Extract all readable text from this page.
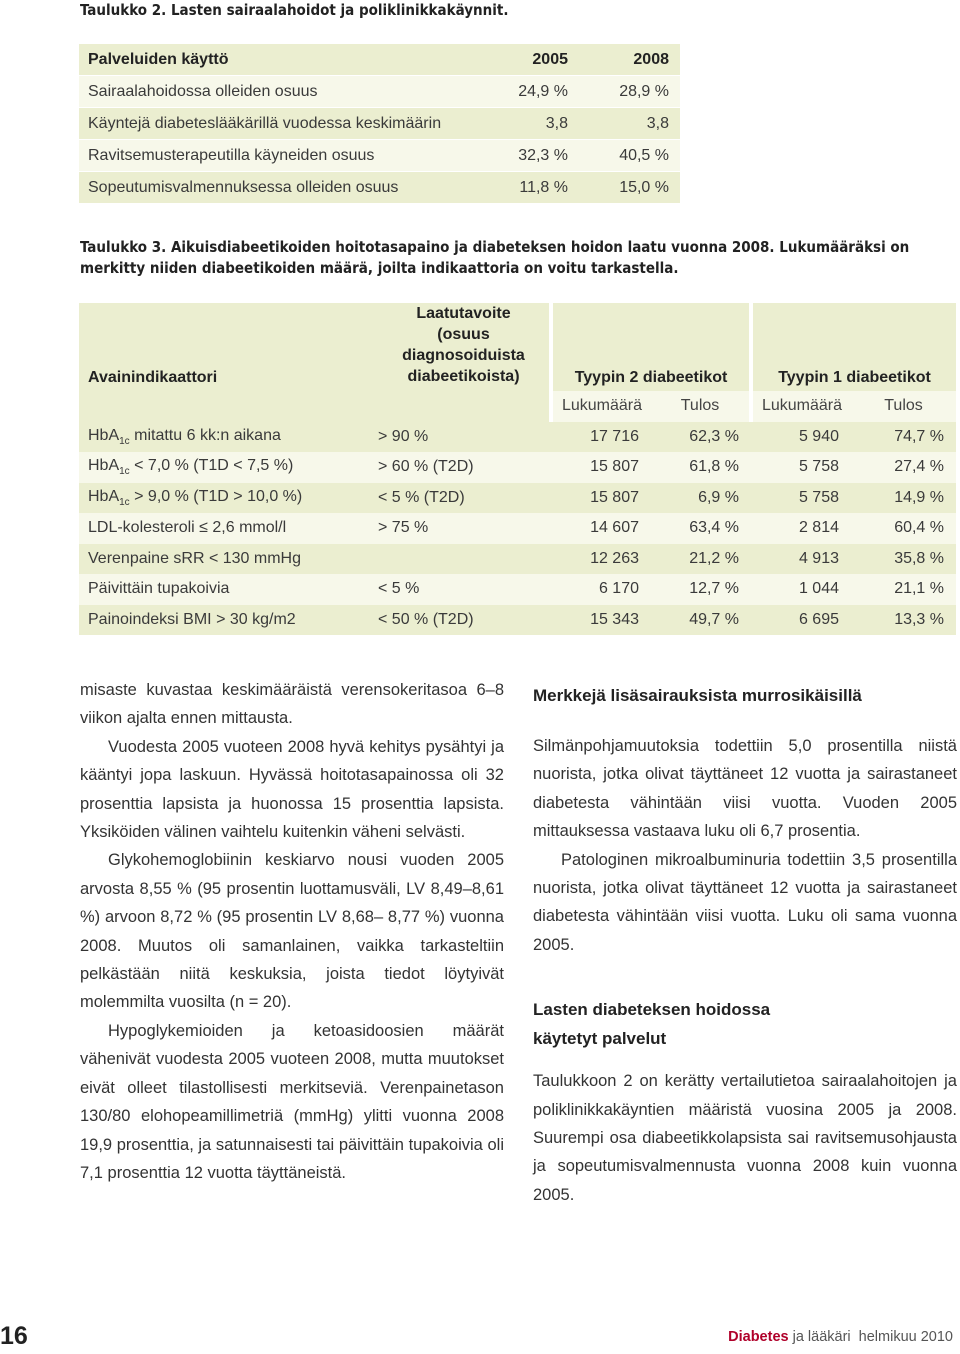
Taulukko 2. Lasten sairaalahoidot ja poliklinikkakäynnit.
Palveluiden käyttö	2005	2008
Sairaalahoidossa olleiden osuus	24,9 %	28,9 %
Käyntejä diabeteslääkärillä vuodessa keskimäärin	3,8	3,8
Ravitsemusterapeutilla käyneiden osuus	32,3 %	40,5 %
Sopeutumisvalmennuksessa olleiden osuus	11,8 %	15,0 %
Taulukko 3. Aikuisdiabeetikoiden hoitotasapaino ja diabeteksen hoidon laatu vuonna 2008. Lukumääräksi on merkitty niiden diabeetikoiden määrä, joilta indikaattoria on voitu tarkastella.
Avainindikaattori	Laatutavoite
(osuus diagnosoiduista
diabeetikoista)	Tyypin 2 diabeetikot		Tyypin 1 diabeetikot	
		Lukumäärä	Tulos	Lukumäärä	Tulos
HbA$_{1c}$ mitattu 6 kk:n aikana	> 90 %	17 716	62,3 %	5 940	74,7 %
HbA$_{1c}$ < 7,0 % (T1D < 7,5 %)	> 60 % (T2D)	15 807	61,8 %	5 758	27,4 %
HbA$_{1c}$ > 9,0 % (T1D > 10,0 %)	< 5 % (T2D)	15 807	6,9 %	5 758	14,9 %
LDL-kolesteroli ≤ 2,6 mmol/l	> 75 %	14 607	63,4 %	2 814	60,4 %
Verenpaine sRR < 130 mmHg		12 263	21,2 %	4 913	35,8 %
Päivittäin tupakoivia	< 5 %	6 170	12,7 %	1 044	21,1 %
Painoindeksi BMI > 30 kg/m2	< 50 % (T2D)	15 343	49,7 %	6 695	13,3 %

misaste kuvastaa keskimääräistä verensokeritasoa 6–8 viikon ajalta ennen mittausta.

Vuodesta 2005 vuoteen 2008 hyvä kehitys pysähtyi ja kääntyi jopa laskuun. Hyvässä hoitotasapainossa oli 32 prosenttia lapsista ja huonossa 15 prosenttia lapsista. Yksiköiden välinen vaihtelu kuitenkin väheni selvästi.

Glykohemoglobiinin keskiarvo nousi vuoden 2005 arvosta 8,55 % (95 prosentin luottamusväli, LV 8,49–8,61 %) arvoon 8,72 % (95 prosentin LV 8,68– 8,77 %) vuonna 2008. Muutos oli samanlainen, vaikka tarkasteltiin pelkästään niitä keskuksia, joista tiedot löytyivät molemmilta vuosilta (n = 20).

Hypoglykemioiden ja ketoasidoosien määrät vähenivät vuodesta 2005 vuoteen 2008, mutta muutokset eivät olleet tilastollisesti merkitseviä. Verenpainetason 130/80 elohopeamillimetriä (mmHg) ylitti vuonna 2008 19,9 prosenttia, ja satunnaisesti tai päivittäin tupakoivia oli 7,1 prosenttia 12 vuotta täyttäneistä.

Merkkejä lisäsairauksista murrosikäisillä

Silmänpohjamuutoksia todettiin 5,0 prosentilla niistä nuorista, jotka olivat täyttäneet 12 vuotta ja sairastaneet diabetesta vähintään viisi vuotta. Vuoden 2005 mittauksessa vastaava luku oli 6,7 prosentia.

Patologinen mikroalbuminuria todettiin 3,5 prosentilla nuorista, jotka olivat täyttäneet 12 vuotta ja sairastaneet diabetesta vähintään viisi vuotta. Luku oli sama vuonna 2005.

Lasten diabeteksen hoidossa
käytetyt palvelut

Taulukkoon 2 on kerätty vertailutietoa sairaalahoitojen ja poliklinikkakäyntien määristä vuosina 2005 ja 2008. Suurempi osa diabeetikkolapsista sai ravitsemusohjausta ja sopeutumisvalmennusta vuonna 2008 kuin vuonna 2005.

16	Diabetes ja lääkäri helmikuu 2010
